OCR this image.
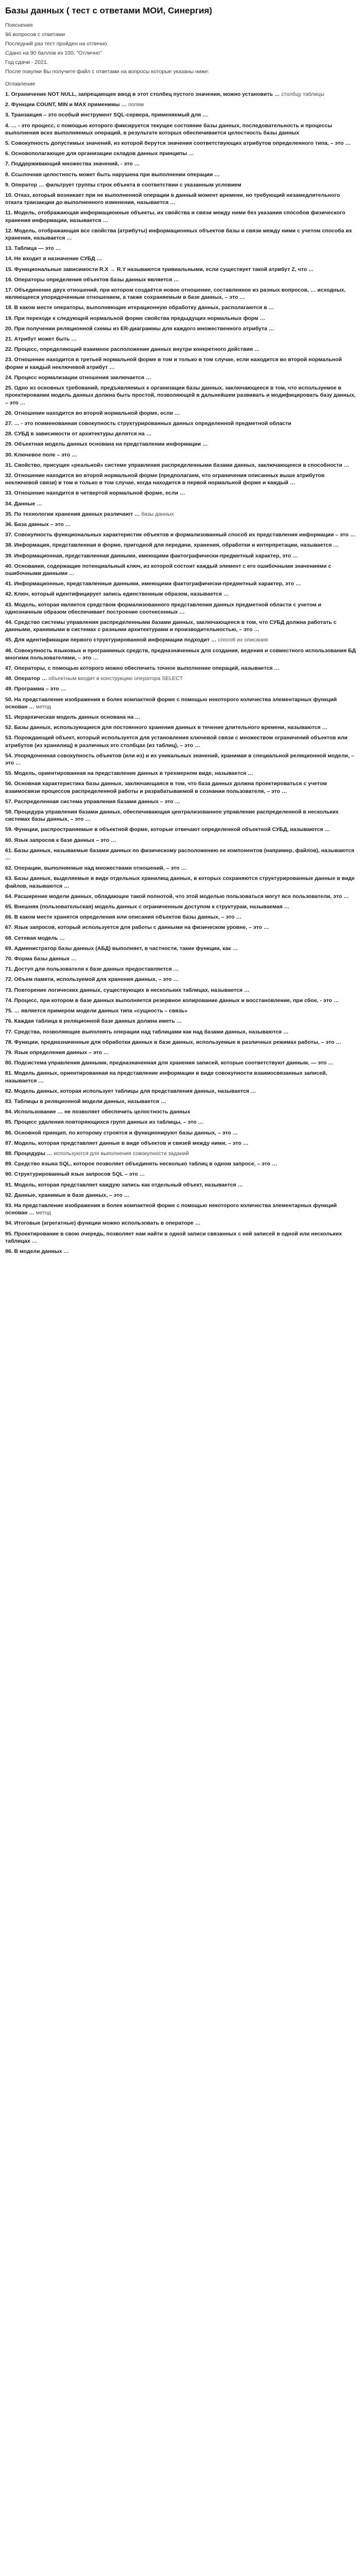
Базы данных ( тест с ответами МОИ, Синергия)
Пояснения
96 вопросов с ответами
Последний раз тест пройден на отлично.
Сдано на 90 баллов из 100, "Отлично"
Год сдачи - 2021.
После покупки Вы получите файл с ответами на вопросы которые указаны ниже:
Оглавление
1. Ограничение NOT NULL, запрещающее ввод в этот столбец пустого значения, можно установить … столбцу таблицы
2. Функции COUNT, MIN и MAX применимы … полям
3. Транзакция – это особый инструмент SQL-сервера, применяемый для …
4. … - это процесс, с помощью которого фиксируется текущее состояние базы данных, последовательность и процессы выполнения всех выполняемых операций, в результате которых обеспечивается целостность базы данных
5. Совокупность допустимых значений, из которой берутся значения соответствующих атрибутов определенного типа, – это …
6. Основополагающее для организации складов данных принципы …
7. Поддерживающий множества значений, - это …
8. Ссылочная целостность может быть нарушена при выполнении операции …
9. Оператор … фильтрует группы строк объекта в соответствии с указанным условием
10. Отказ, который возникает при не выполненной операции в данный момент времени, но требующий незамедлительного отката транзакции до выполненного изменения, называется …
11. Модель, отображающая информационные объекты, их свойства и связи между ними без указания способов физического хранения информации, называется …
12. Модель, отображающая все свойства (атрибуты) информационных объектов базы и связи между ними с учетом способа их хранения, называется …
13. Таблица — это …
14. Не входит в назначение СУБД …
15. Функциональные зависимости R.X → R.Y называются тривиальными, если существует такой атрибут Z, что …
16. Операторы определения объектов базы данных является …
17. Объединение двух отношений, при котором создаётся новое отношение, составленное из разных вопросов, … исходных, являющееся упорядоченным отношением, а также сохраняемым в базе данных, – это …
18. В каком месте операторы, выполняющие итерационную обработку данных, располагаются в …
19. При переходе к следующей нормальной форме свойства предыдущих нормальных форм …
20. При получении реляционной схемы из ER-диаграммы для каждого множественного атрибута …
21. Атрибут может быть …
22. Процесс, определяющий взаимное расположение данных внутри конкретного действия …
23. Отношение находится в третьей нормальной форме в том и только в том случае, если находится во второй нормальной форме и каждый неключевой атрибут …
24. Процесс нормализации отношения заключается …
25. Одно из основных требований, предъявляемых к организации базы данных, заключающееся в том, что используемое в проектировании модель данных должна быть простой, позволяющей в дальнейшем развивать и модифицировать базу данных, – это …
26. Отношение находится во второй нормальной форме, если …
27. … - это поименованная совокупность структурированных данных определенной предметной области
28. СУБД в зависимости от архитектуры делятся на …
29. Объектная модель данных основана на представлении информации …
30. Ключевое поле – это …
31. Свойство, присущее «реальной» системе управления распределенными базами данных, заключающееся в способности …
32. Отношение находится во второй нормальной форме (предполагаем, что ограничения описанных выше атрибутов неключевой связи) в том и только в том случае, когда находится в первой нормальной форме и каждый …
33. Отношение находится в четвертой нормальной форме, если …
34. Данные …
35. По технологии хранения данных различают … базы данных
36. База данных – это …
37. Совокупность функциональных характеристик объектов и формализованный способ их представления информации – это …
38. Информация, представленная в форме, пригодной для передачи, хранения, обработки и интерпретации, называется …
39. Информационная, представленная данными, имеющими фактографически-предметный характер, это …
40. Основания, содержащие потенциальный ключ, из которой состоит каждый элемент с его ошибочными значениями с ошибочными данными …
41. Информационные, представленные данными, имеющими фактографически-предметный характер, это …
42. Ключ, который идентифицирует запись единственным образом, называется …
43. Модель, которая является средством формализованного представления данных предметной области с учетом и однозначным образом обеспечивает построение соотнесенных …
44. Средство системы управления распределенными базами данных, заключающееся в том, что СУБД должна работать с данными, хранимыми в системах с разными архитектурами и производительностью, – это …
45. Для идентификации первого структурированной информации подходит … способ их описания
46. Совокупность языковых и программных средств, предназначенных для создания, ведения и совместного использования БД многими пользователями, – это …
47. Операторы, с помощью которого можно обеспечить точное выполнение операций, называется …
48. Оператор … объектным входит в конструкцию оператора SELECT
49. Программа – это …
50. На представление изображения в более компактной форме с помощью некоторого количества элементарных функций основан … метод
51. Иерархическая модель данных основана на …
52. Базы данных, использующиеся для постоянного хранения данных в течение длительного времени, называются …
53. Порождающий объект, который используется для установления ключевой связи с множеством ограничений объектов или атрибутов (из хранилищ) в различных его столбцах (из таблиц), – это …
54. Упорядоченная совокупность объектов (или из) и их уникальных значений, хранимая в специальной реляционной модели, – это …
55. Модель, ориентированная на представление данных в трехмерном виде, называется …
56. Основная характеристика базы данных, заключающаяся в том, что база данных должна проектироваться с учетом взаимосвязи процессов распределенной работы и разрабатываемой в сознании пользователя, – это …
57. Распределенная система управления базами данных – это …
58. Процедура управления базами данных, обеспечивающая централизованное управление распределенной в нескольких системах базы данных, – это …
59. Функции, распространяемые в объектной форме, которые отвечают определенной объектной СУБД, называются …
60. Язык запросов к базе данных – это …
61. Базы данных, называемые базами данных по физическому расположению ее компонентов (например, файлов), называются …
62. Операции, выполняемые над множествами отношений, – это …
63. Базы данных, выделяемые в виде отдельных хранилищ данных, в которых сохраняются структурированные данные в виде файлов, называются …
64. Расширение модели данных, обладающее такой полнотой, что этой моделью пользоваться могут все пользователи, это …
65. Внешняя (пользовательская) модель данных с ограниченным доступом к структурам, называемая …
66. В каком месте хранятся определения или описания объектов базы данных, – это …
67. Язык запросов, который используется для работы с данными на физическом уровне, – это …
68. Сетевая модель …
69. Администратор базы данных (АБД) выполняет, в частности, такие функции, как …
70. Форма базы данных …
71. Доступ для пользователя к базе данных предоставляется …
72. Объем памяти, используемой для хранения данных, – это …
73. Повторение логических данных, существующих в нескольких таблицах, называется …
74. Процесс, при котором в базе данных выполняется резервное копирование данных и восстановление, при сбое, - это …
75. … является примером модели данных типа «сущность – связь»
76. Каждая таблица в реляционной базе данных должна иметь …
77. Средства, позволяющие выполнять операции над таблицами как над базами данных, называются …
78. Функции, предназначенные для обработки данных в базе данных, используемые в различных режимах работы, – это …
79. Язык определения данных – это …
80. Подсистема управления данными, предназначенная для хранения записей, которые соответствуют данным, — это …
81. Модель данных, ориентированная на представление информации в виде совокупности взаимосвязанных записей, называется …
82. Модель данных, которая использует таблицы для представления данных, называется …
83. Таблицы в реляционной модели данных, называется …
84. Использование … не позволяет обеспечить целостность данных
85. Процесс удаления повторяющихся групп данных из таблицы, – это …
86. Основной принцип, по которому строятся и функционируют базы данных, – это …
87. Модель, которая представляет данные в виде объектов и связей между ними, – это …
88. Процедуры … используются для выполнения совокупности заданий
89. Средство языка SQL, которое позволяет объединять несколько таблиц в одном запросе, – это …
90. Структурированный язык запросов SQL – это …
91. Модель, которая представляет каждую запись как отдельный объект, называется …
92. Данные, хранимые в базе данных, – это …
93. На представление изображения в более компактной форме с помощью некоторого количества элементарных функций основан … метод
94. Итоговые (агрегатные) функции можно использовать в операторе …
95. Проектирование в свою очередь, позволяет нам найти в одной записи связанных с ней записей в одной или нескольких таблицах …
96. В модели данных …
